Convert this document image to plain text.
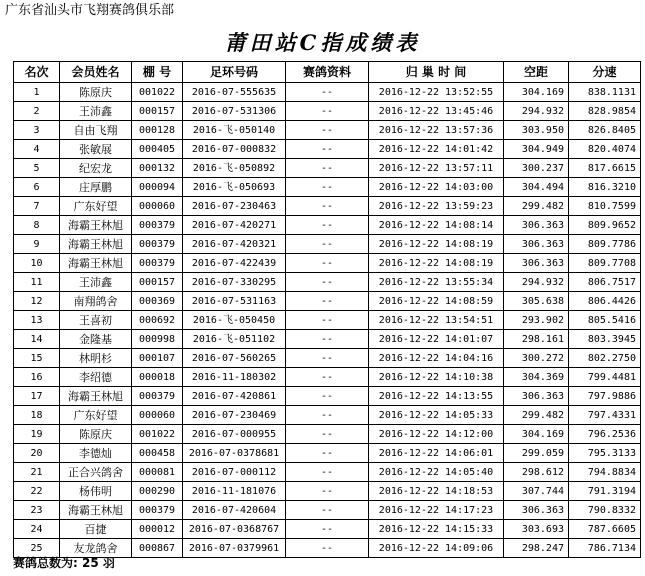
广东省汕头市飞翔赛鸽俱乐部
莆田站C指成绩表
名次	会员姓名	棚 号	足环号码	赛鸽资料	归 巢 时 间	空距	分速
1	陈原庆	001022	2016-07-555635	--	2016-12-22 13:52:55	304.169	838.1131
2	王沛鑫	000157	2016-07-531306	--	2016-12-22 13:45:46	294.932	828.9854
3	自由飞翔	000128	2016-飞-050140	--	2016-12-22 13:57:36	303.950	826.8405
4	张敏展	000405	2016-07-000832	--	2016-12-22 14:01:42	304.949	820.4074
5	纪宏龙	000132	2016-飞-050892	--	2016-12-22 13:57:11	300.237	817.6615
6	庄厚鹏	000094	2016-飞-050693	--	2016-12-22 14:03:00	304.494	816.3210
7	广东好望	000060	2016-07-230463	--	2016-12-22 13:59:23	299.482	810.7599
8	海霸王林旭	000379	2016-07-420271	--	2016-12-22 14:08:14	306.363	809.9652
9	海霸王林旭	000379	2016-07-420321	--	2016-12-22 14:08:19	306.363	809.7786
10	海霸王林旭	000379	2016-07-422439	--	2016-12-22 14:08:19	306.363	809.7708
11	王沛鑫	000157	2016-07-330295	--	2016-12-22 13:55:34	294.932	806.7517
12	南翔鸽舍	000369	2016-07-531163	--	2016-12-22 14:08:59	305.638	806.4426
13	王喜初	000692	2016-飞-050450	--	2016-12-22 13:54:51	293.902	805.5416
14	金隆基	000998	2016-飞-051102	--	2016-12-22 14:01:07	298.161	803.3945
15	林明杉	000107	2016-07-560265	--	2016-12-22 14:04:16	300.272	802.2750
16	李绍德	000018	2016-11-180302	--	2016-12-22 14:10:38	304.369	799.4481
17	海霸王林旭	000379	2016-07-420861	--	2016-12-22 14:13:55	306.363	797.9886
18	广东好望	000060	2016-07-230469	--	2016-12-22 14:05:33	299.482	797.4331
19	陈原庆	001022	2016-07-000955	--	2016-12-22 14:12:00	304.169	796.2536
20	李德灿	000458	2016-07-0378681	--	2016-12-22 14:06:01	299.059	795.3133
21	正合兴鸽舍	000081	2016-07-000112	--	2016-12-22 14:05:40	298.612	794.8834
22	杨伟明	000290	2016-11-181076	--	2016-12-22 14:18:53	307.744	791.3194
23	海霸王林旭	000379	2016-07-420604	--	2016-12-22 14:17:23	306.363	790.8332
24	百捷	000012	2016-07-0368767	--	2016-12-22 14:15:33	303.693	787.6605
25	友龙鸽舍	000867	2016-07-0379961	--	2016-12-22 14:09:06	298.247	786.7134
赛鸽总数为: 25 羽
